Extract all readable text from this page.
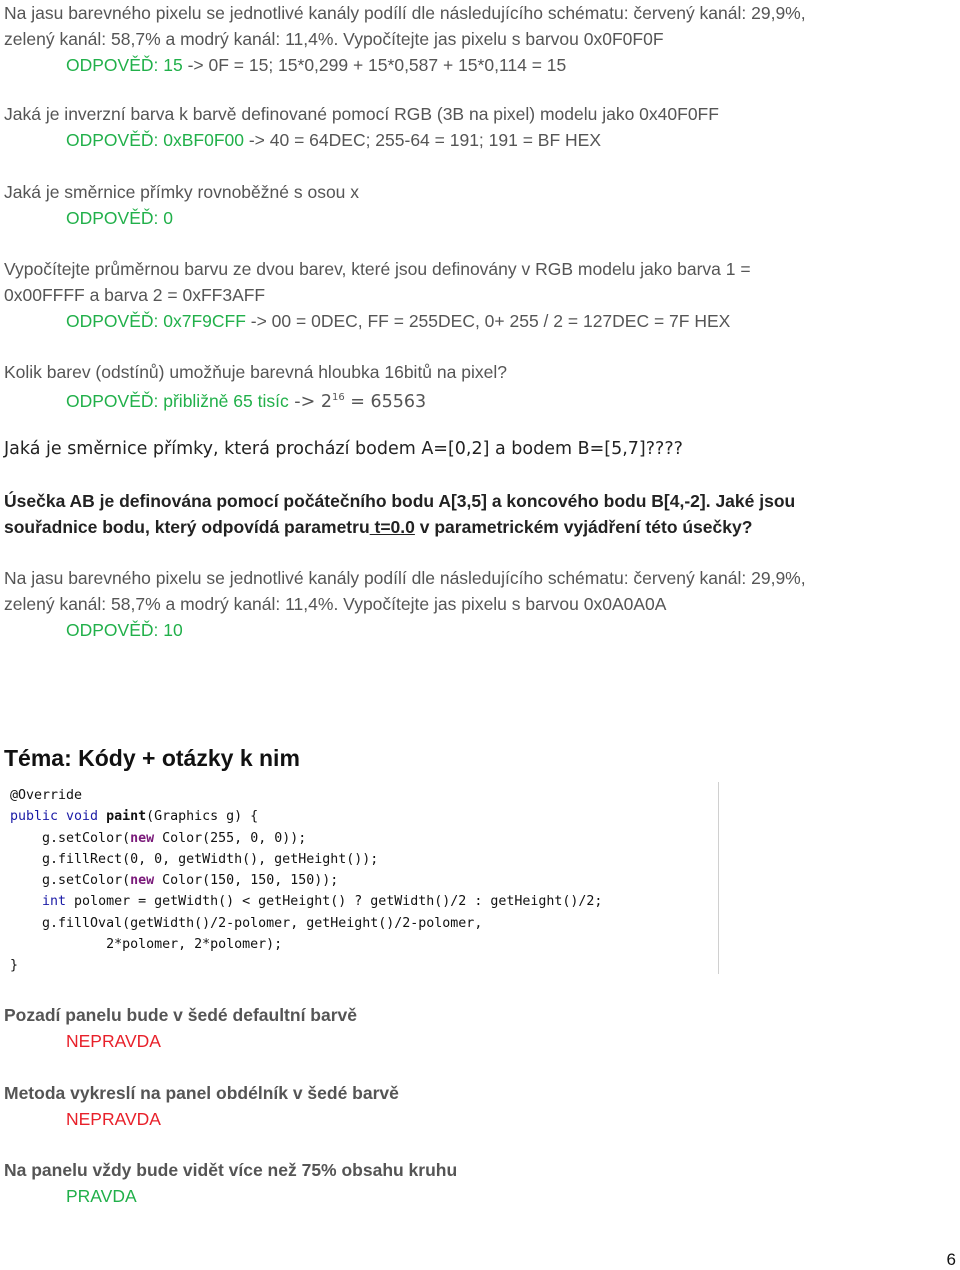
Na jasu barevného pixelu se jednotlivé kanály podílí dle následujícího schématu: červený kanál: 29,9%,
zelený kanál: 58,7% a modrý kanál: 11,4%. Vypočítejte jas pixelu s barvou 0x0F0F0F
ODPOVĚĎ: 15 -> 0F = 15; 15*0,299 + 15*0,587 + 15*0,114 = 15
Jaká je inverzní barva k barvě definované pomocí RGB (3B na pixel) modelu jako 0x40F0FF
ODPOVĚĎ: 0xBF0F00 -> 40 = 64DEC; 255-64 = 191; 191 = BF HEX
Jaká je směrnice přímky rovnoběžné s osou x
ODPOVĚĎ: 0
Vypočítejte průměrnou barvu ze dvou barev, které jsou definovány v RGB modelu jako barva 1 =
0x00FFFF a barva 2 = 0xFF3AFF
ODPOVĚĎ: 0x7F9CFF -> 00 = 0DEC, FF = 255DEC, 0+ 255 / 2 = 127DEC = 7F HEX
Kolik barev (odstínů) umožňuje barevná hloubka 16bitů na pixel?
ODPOVĚĎ: přibližně 65 tisíc -> $2^{16} = 65563$
Jaká je směrnice přímky, která prochází bodem A=[0,2] a bodem B=[5,7]????
Úsečka AB je definována pomocí počátečního bodu A[3,5] a koncového bodu B[4,-2]. Jaké jsou
souřadnice bodu, který odpovídá parametru t=0.0 v parametrickém vyjádření této úsečky?
Na jasu barevného pixelu se jednotlivé kanály podílí dle následujícího schématu: červený kanál: 29,9%,
zelený kanál: 58,7% a modrý kanál: 11,4%. Vypočítejte jas pixelu s barvou 0x0A0A0A
ODPOVĚĎ: 10
Téma: Kódy + otázky k nim
@Override
public void paint(Graphics g) {
g.setColor(new Color(255, 0, 0));
g.fillRect(0, 0, getWidth(), getHeight());
g.setColor(new Color(150, 150, 150));
int polomer = getWidth() < getHeight() ? getWidth()/2 : getHeight()/2;
g.fillOval(getWidth()/2-polomer, getHeight()/2-polomer,
2*polomer, 2*polomer);
}
Pozadí panelu bude v šedé defaultní barvě
NEPRAVDA
Metoda vykreslí na panel obdélník v šedé barvě
NEPRAVDA
Na panelu vždy bude vidět více než 75% obsahu kruhu
PRAVDA
6
